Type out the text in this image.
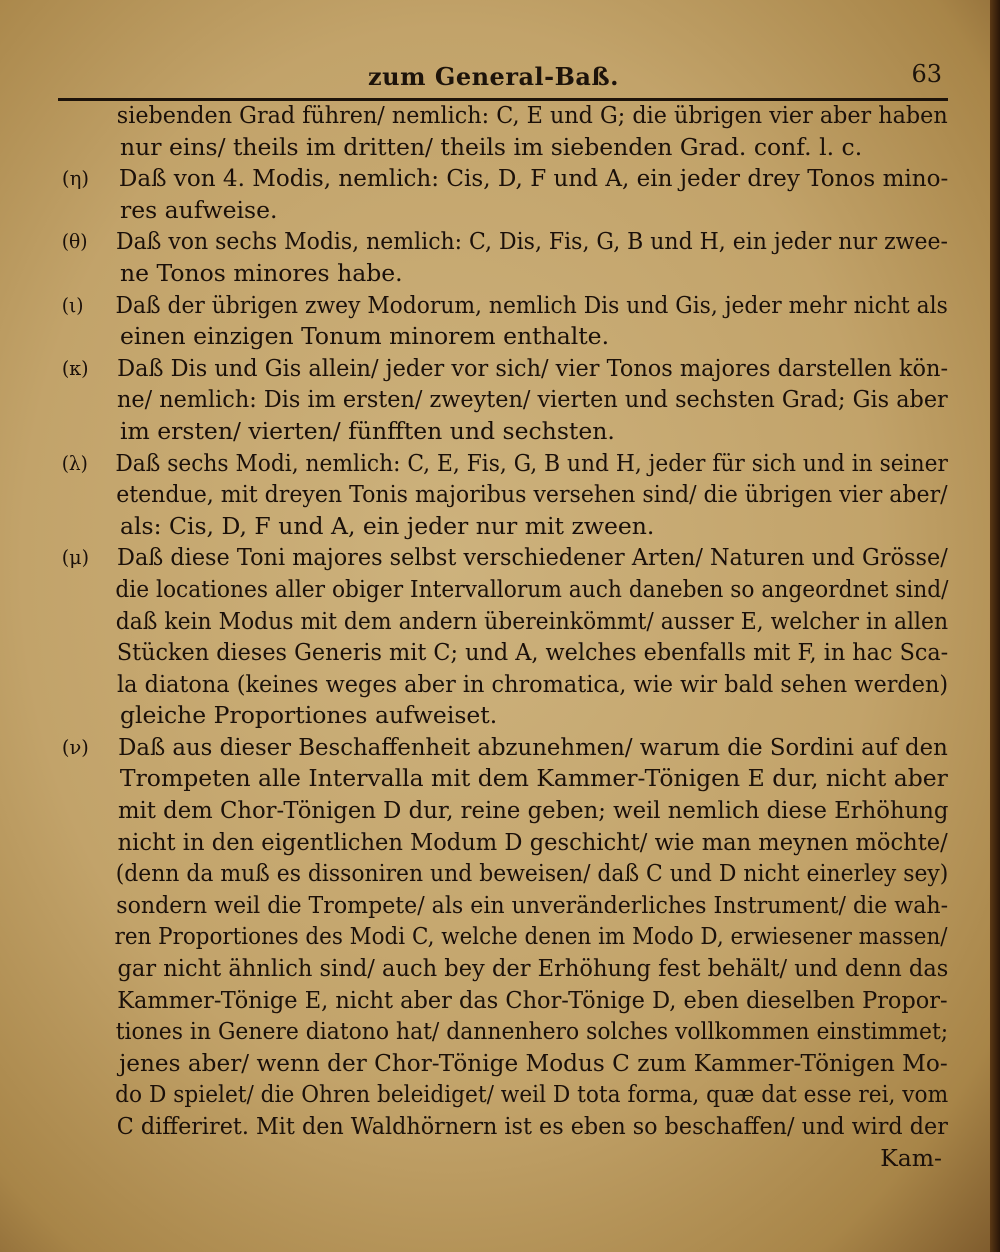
zum General-Baß.	63
siebenden Grad führen/ nemlich: C, E und G; die übrigen vier aber haben
nur eins/ theils im dritten/ theils im siebenden Grad. conf. l. c.
(η) Daß von 4. Modis, nemlich: Cis, D, F und A, ein jeder drey Tonos mino-
res aufweise.
(θ) Daß von sechs Modis, nemlich: C, Dis, Fis, G, B und H, ein jeder nur zwee-
ne Tonos minores habe.
(ι) Daß der übrigen zwey Modorum, nemlich Dis und Gis, jeder mehr nicht als
einen einzigen Tonum minorem enthalte.
(κ) Daß Dis und Gis allein/ jeder vor sich/ vier Tonos majores darstellen kön-
ne/ nemlich: Dis im ersten/ zweyten/ vierten und sechsten Grad; Gis aber
im ersten/ vierten/ fünfften und sechsten.
(λ) Daß sechs Modi, nemlich: C, E, Fis, G, B und H, jeder für sich und in seiner
etendue, mit dreyen Tonis majoribus versehen sind/ die übrigen vier aber/
als: Cis, D, F und A, ein jeder nur mit zween.
(μ) Daß diese Toni majores selbst verschiedener Arten/ Naturen und Grösse/
die locationes aller obiger Intervallorum auch daneben so angeordnet sind/
daß kein Modus mit dem andern übereinkömmt/ ausser E, welcher in allen
Stücken dieses Generis mit C; und A, welches ebenfalls mit F, in hac Sca-
la diatona (keines weges aber in chromatica, wie wir bald sehen werden)
gleiche Proportiones aufweiset.
(ν) Daß aus dieser Beschaffenheit abzunehmen/ warum die Sordini auf den
Trompeten alle Intervalla mit dem Kammer-Tönigen E dur, nicht aber
mit dem Chor-Tönigen D dur, reine geben; weil nemlich diese Erhöhung
nicht in den eigentlichen Modum D geschicht/ wie man meynen möchte/
(denn da muß es dissoniren und beweisen/ daß C und D nicht einerley sey)
sondern weil die Trompete/ als ein unveränderliches Instrument/ die wah-
ren Proportiones des Modi C, welche denen im Modo D, erwiesener massen/
gar nicht ähnlich sind/ auch bey der Erhöhung fest behält/ und denn das
Kammer-Tönige E, nicht aber das Chor-Tönige D, eben dieselben Propor-
tiones in Genere diatono hat/ dannenhero solches vollkommen einstimmet;
jenes aber/ wenn der Chor-Tönige Modus C zum Kammer-Tönigen Mo-
do D spielet/ die Ohren beleidiget/ weil D tota forma, quæ dat esse rei, vom
C differiret. Mit den Waldhörnern ist es eben so beschaffen/ und wird der
Kam-
